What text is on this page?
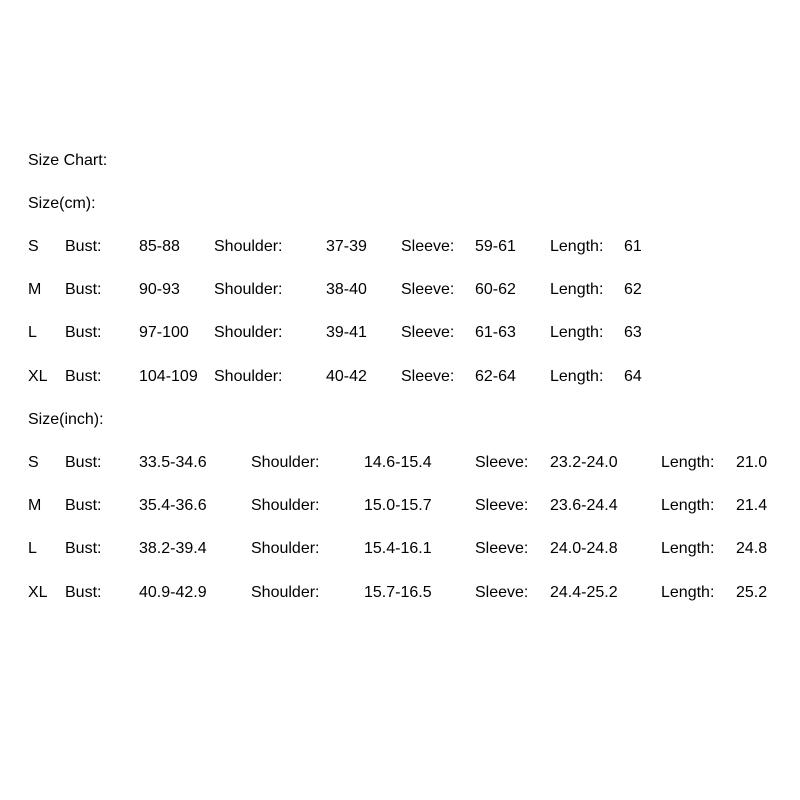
Size Chart:
Size(cm):
S Bust: 85-88 Shoulder:	37-39 Sleeve: 59-61 Length: 61
M Bust: 90-93 Shoulder:	38-40 Sleeve: 60-62 Length: 62
L Bust: 97-100 Shoulder:	39-41 Sleeve: 61-63 Length: 63
XL Bust: 104-109 Shoulder:	40-42 Sleeve: 62-64 Length: 64
Size(inch):
S Bust: 33.5-34.6	Shoulder:	14.6-15.4	Sleeve: 23.2-24.0	Length: 21.0
M Bust: 35.4-36.6	Shoulder:	15.0-15.7	Sleeve: 23.6-24.4	Length: 21.4
L Bust: 38.2-39.4	Shoulder:	15.4-16.1	Sleeve: 24.0-24.8	Length: 24.8
XL Bust: 40.9-42.9	Shoulder:	15.7-16.5	Sleeve: 24.4-25.2	Length: 25.2
